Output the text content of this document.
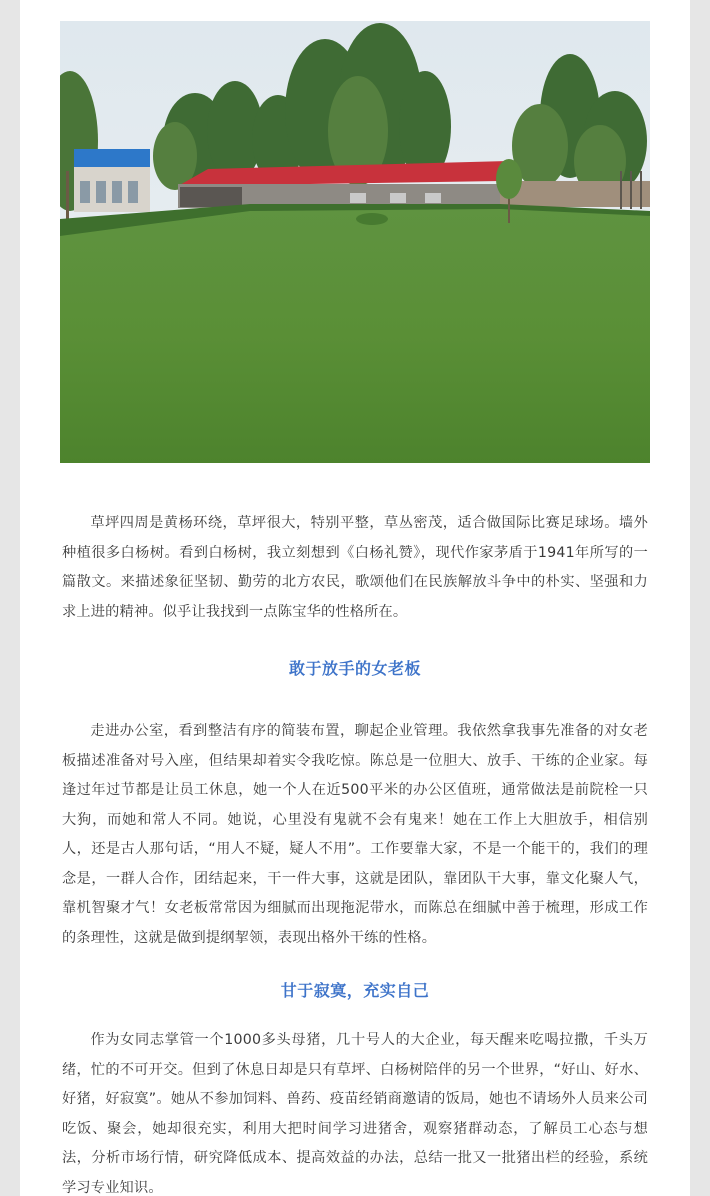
草坪四周是黄杨环绕，草坪很大，特别平整，草丛密茂，适合做国际比赛足球场。墙外种植很多白杨树。看到白杨树，我立刻想到《白杨礼赞》，现代作家茅盾于1941年所写的一篇散文。来描述象征坚韧、勤劳的北方农民，歌颂他们在民族解放斗争中的朴实、坚强和力求上进的精神。似乎让我找到一点陈宝华的性格所在。

敢于放手的女老板

走进办公室，看到整洁有序的简装布置，聊起企业管理。我依然拿我事先准备的对女老板描述准备对号入座，但结果却着实令我吃惊。陈总是一位胆大、放手、干练的企业家。每逢过年过节都是让员工休息，她一个人在近500平米的办公区值班，通常做法是前院栓一只大狗，而她和常人不同。她说，心里没有鬼就不会有鬼来！她在工作上大胆放手，相信别人，还是古人那句话，“用人不疑，疑人不用”。工作要靠大家，不是一个能干的，我们的理念是，一群人合作，团结起来，干一件大事，这就是团队，靠团队干大事，靠文化聚人气，靠机智聚才气！女老板常常因为细腻而出现拖泥带水，而陈总在细腻中善于梳理，形成工作的条理性，这就是做到提纲挈领，表现出格外干练的性格。

甘于寂寞，充实自己

作为女同志掌管一个1000多头母猪，几十号人的大企业，每天醒来吃喝拉撒，千头万绪，忙的不可开交。但到了休息日却是只有草坪、白杨树陪伴的另一个世界，“好山、好水、好猪，好寂寞”。她从不参加饲料、兽药、疫苗经销商邀请的饭局，她也不请场外人员来公司吃饭、聚会，她却很充实，利用大把时间学习进猪舍，观察猪群动态，了解员工心态与想法，分析市场行情，研究降低成本、提高效益的办法，总结一批又一批猪出栏的经验，系统学习专业知识。
